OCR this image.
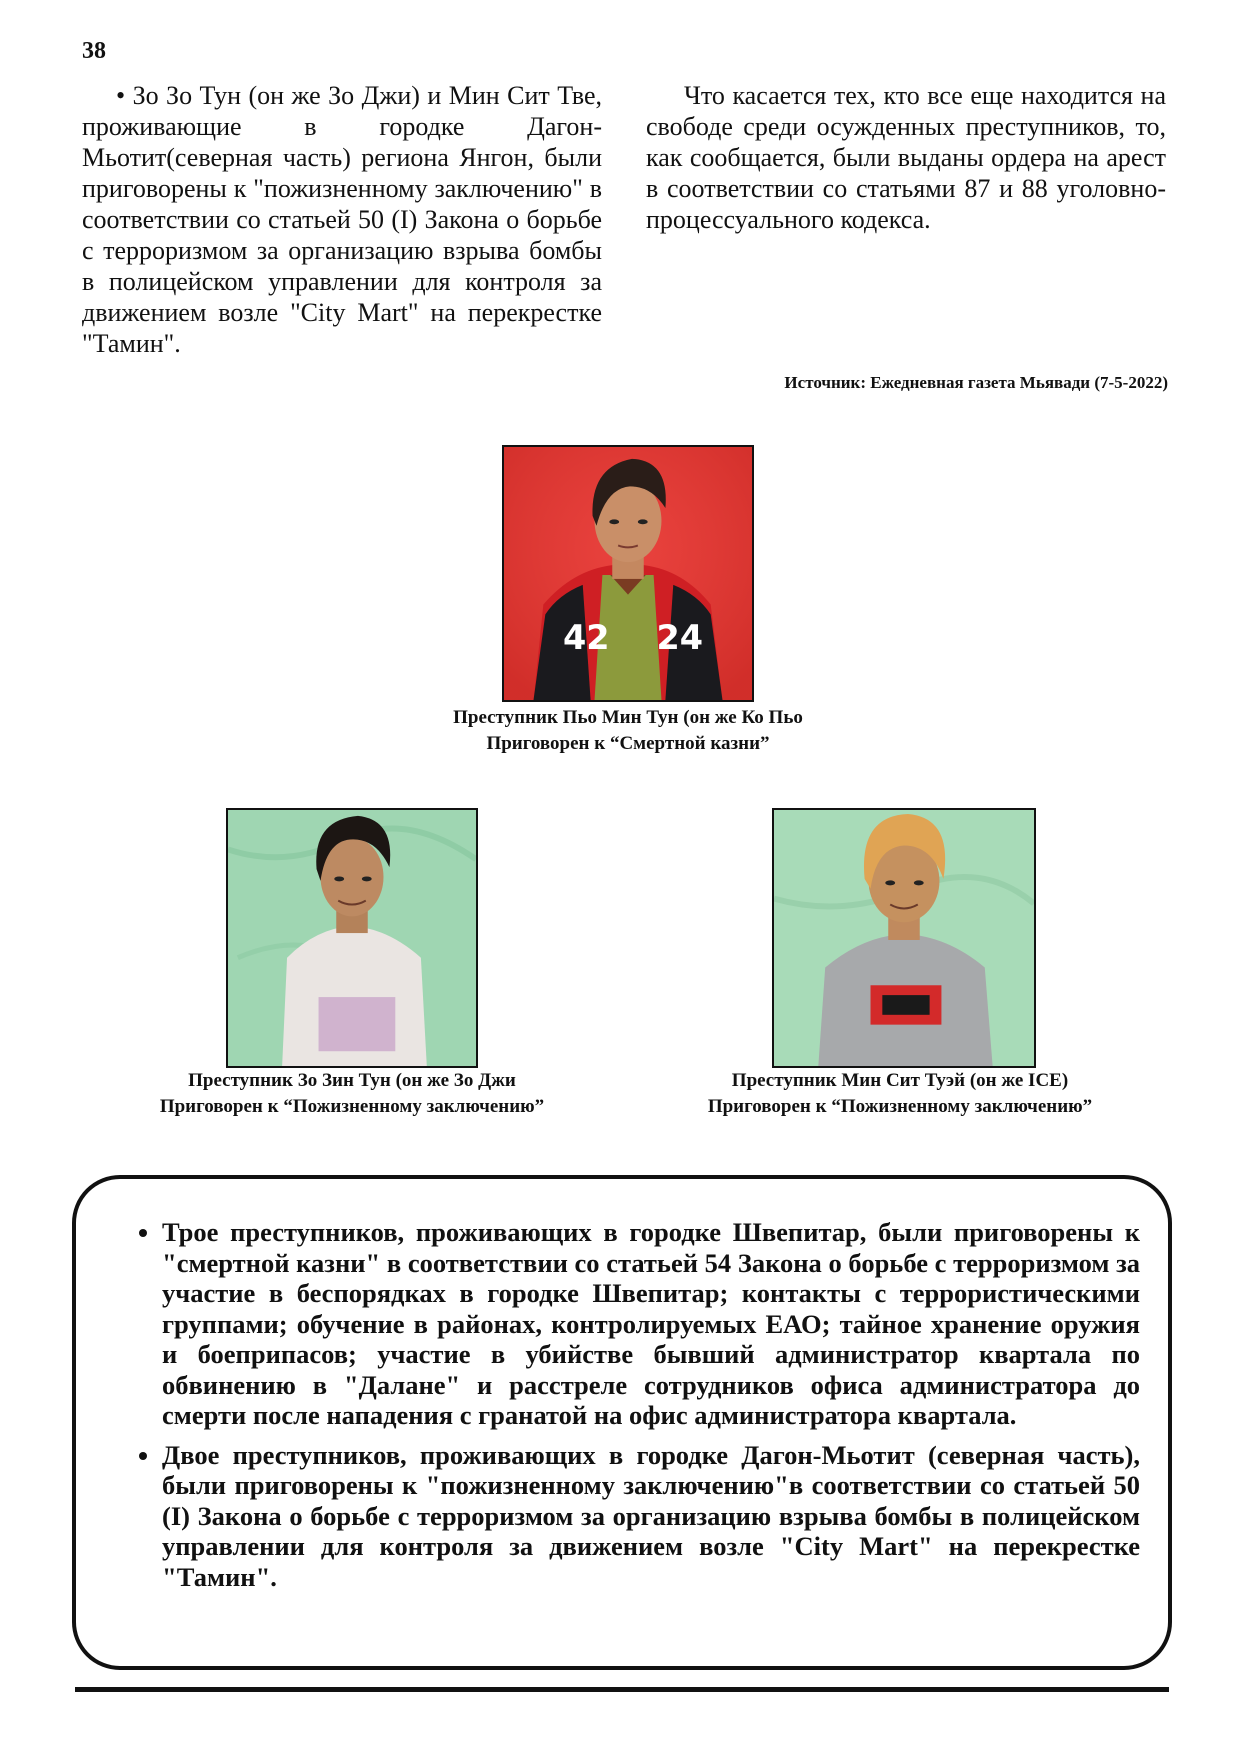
38

• Зо Зо Тун (он же Зо Джи) и Мин Сит Тве, проживающие в городке Дагон-Мьотит(северная часть) региона Янгон, были приговорены к "пожизненному заключению" в соответствии со статьей 50 (I) Закона о борьбе с терроризмом за организацию взрыва бомбы в полицейском управлении для контроля за движением возле "City Mart" на перекрестке "Тамин".

Что касается тех, кто все еще находится на свободе среди осужденных преступников, то, как сообщается, были выданы ордера на арест в соответствии со статьями 87 и 88 уголовно-процессуального кодекса.

Источник: Ежедневная газета Мьявади (7-5-2022)
42 24
Преступник Пьо Мин Тун (он же Ко Пьо
Приговорен к “Смертной казни”
Преступник Зо Зин Тун (он же Зо Джи
Приговорен к “Пожизненному заключению”
Преступник Мин Сит Туэй (он же ICE)
Приговорен к “Пожизненному заключению”
• Трое преступников, проживающих в городке Швепитар, были приговорены к "смертной казни" в соответствии со статьей 54 Закона о борьбе с терроризмом за участие в беспорядках в городке Швепитар; контакты с террористическими группами; обучение в районах, контролируемых ЕАО; тайное хранение оружия и боеприпасов; участие в убийстве бывший администратор квартала по обвинению в "Далане" и расстреле сотрудников офиса администратора до смерти после нападения с гранатой на офис администратора квартала.
• Двое преступников, проживающих в городке Дагон-Мьотит (северная часть), были приговорены к "пожизненному заключению"в соответствии со статьей 50 (I) Закона о борьбе с терроризмом за организацию взрыва бомбы в полицейском управлении для контроля за движением возле "City Mart" на перекрестке "Тамин".
